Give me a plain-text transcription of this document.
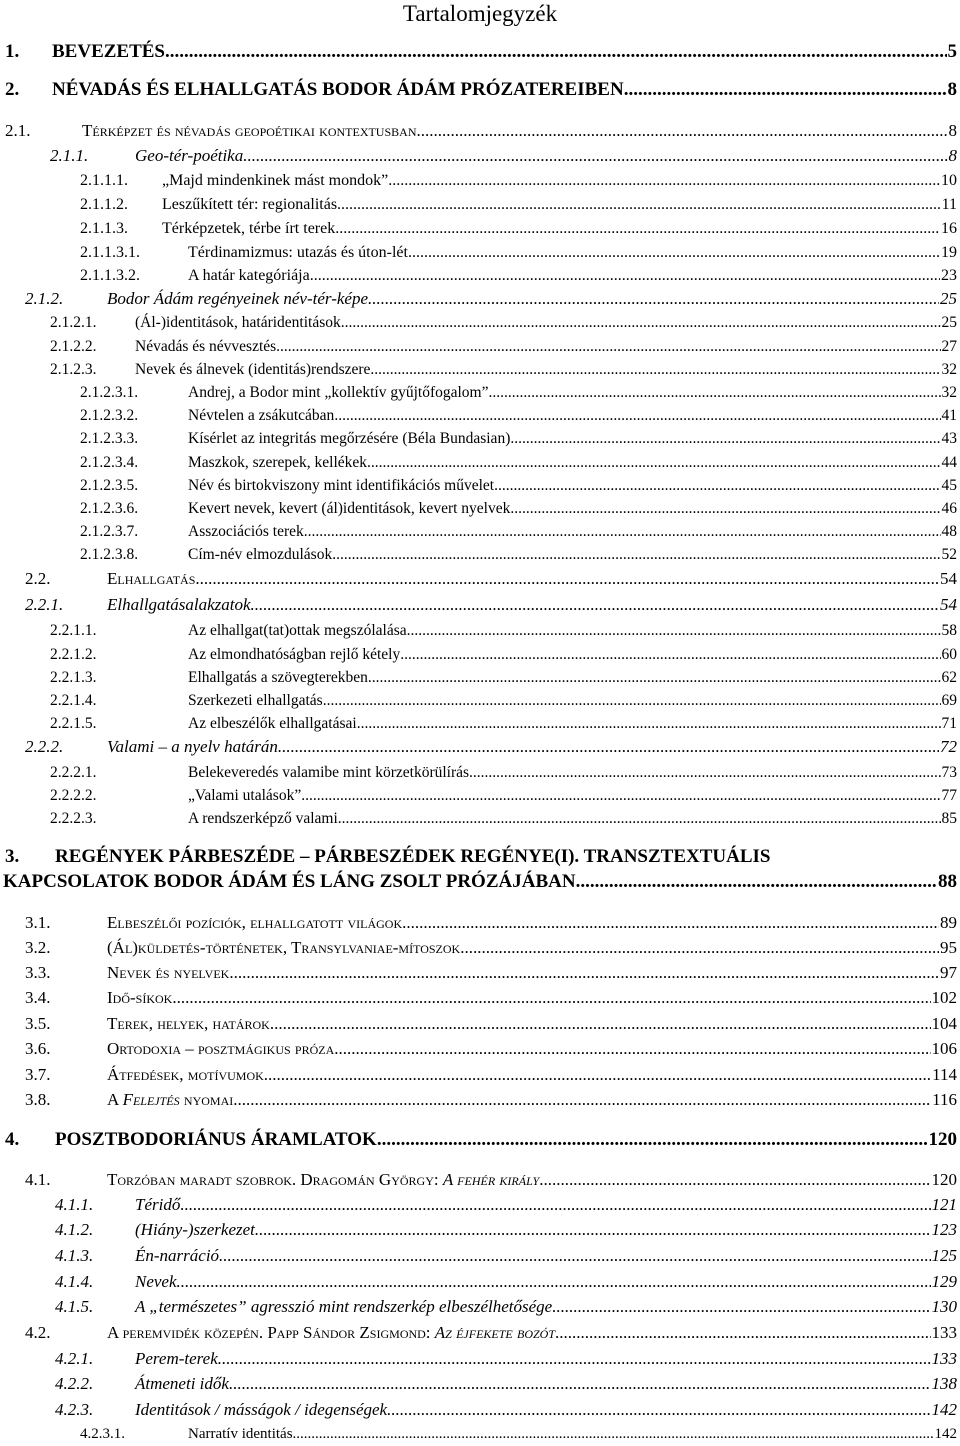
Tartalomjegyzék
1. BEVEZETÉS .....	5
2. NÉVADÁS ÉS ELHALLGATÁS BODOR ÁDÁM PRÓZATEREIBEN .....	8
2.1.	Térképzet és névadás geopoétikai kontextusban .....	8
2.1.1.	Geo-tér-poétika .....	8
2.1.1.1. „Majd mindenkinek mást mondok” .....	10
2.1.1.2. Leszűkített tér: regionalitás .....	11
2.1.1.3. Térképzetek, térbe írt terek .....	16
2.1.1.3.1.	Térdinamizmus: utazás és úton-lét .....	19
2.1.1.3.2.	A határ kategóriája .....	23
2.1.2.	Bodor Ádám regényeinek név-tér-képe .....	25
2.1.2.1. (Ál-)identitások, határidentitások .....	25
2.1.2.2. Névadás és névvesztés .....	27
2.1.2.3. Nevek és álnevek (identitás)rendszere .....	32
2.1.2.3.1.	Andrej, a Bodor mint „kollektív gyűjtőfogalom” .....	32
2.1.2.3.2.	Névtelen a zsákutcában .....	41
2.1.2.3.3.	Kísérlet az integritás megőrzésére (Béla Bundasian) .....	43
2.1.2.3.4.	Maszkok, szerepek, kellékek .....	44
2.1.2.3.5.	Név és birtokviszony mint identifikációs művelet .....	45
2.1.2.3.6.	Kevert nevek, kevert (ál)identitások, kevert nyelvek .....	46
2.1.2.3.7.	Asszociációs terek .....	48
2.1.2.3.8.	Cím-név elmozdulások .....	52
2.2.	Elhallgatás .....	54
2.2.1.	Elhallgatásalakzatok .....	54
2.2.1.1.	Az elhallgat(tat)ottak megszólalása .....	58
2.2.1.2.	Az elmondhatóságban rejlő kétely .....	60
2.2.1.3.	Elhallgatás a szövegterekben .....	62
2.2.1.4.	Szerkezeti elhallgatás .....	69
2.2.1.5.	Az elbeszélők elhallgatásai .....	71
2.2.2.	Valami – a nyelv határán .....	72
2.2.2.1.	Belekeveredés valamibe mint körzetkörülírás .....	73
2.2.2.2.	„Valami utalások” .....	77
2.2.2.3.	A rendszerképző valami .....	85
3. REGÉNYEK PÁRBESZÉDE – PÁRBESZÉDEK REGÉNYE(I). TRANSZTEXTUÁLIS
KAPCSOLATOK BODOR ÁDÁM ÉS LÁNG ZSOLT PRÓZÁJÁBAN .....	88
3.1.	Elbeszélői pozíciók, elhallgatott világok .....	89
3.2.	(Ál)küldetés-történetek, Transylvaniae-mítoszok .....	95
3.3.	Nevek és nyelvek .....	97
3.4.	Idő-síkok .....	102
3.5.	Terek, helyek, határok .....	104
3.6.	Ortodoxia – posztmágikus próza .....	106
3.7.	Átfedések, motívumok .....	114
3.8.	A Felejtés nyomai .....	116
4. POSZTBODORIÁNUS ÁRAMLATOK .....	120
4.1.	Torzóban maradt szobrok. Dragomán György: A fehér király .....	120
4.1.1. Téridő .....	121
4.1.2. (Hiány-)szerkezet .....	123
4.1.3. Én-narráció .....	125
4.1.4. Nevek .....	129
4.1.5. A „természetes” agresszió mint rendszerkép elbeszélhetősége .....	130
4.2.	A peremvidék közepén. Papp Sándor Zsigmond: Az éjfekete bozót .....	133
4.2.1. Perem-terek .....	133
4.2.2. Átmeneti idők .....	138
4.2.3. Identitások / másságok / idegenségek .....	142
4.2.3.1.	Narratív identitás .....	142
